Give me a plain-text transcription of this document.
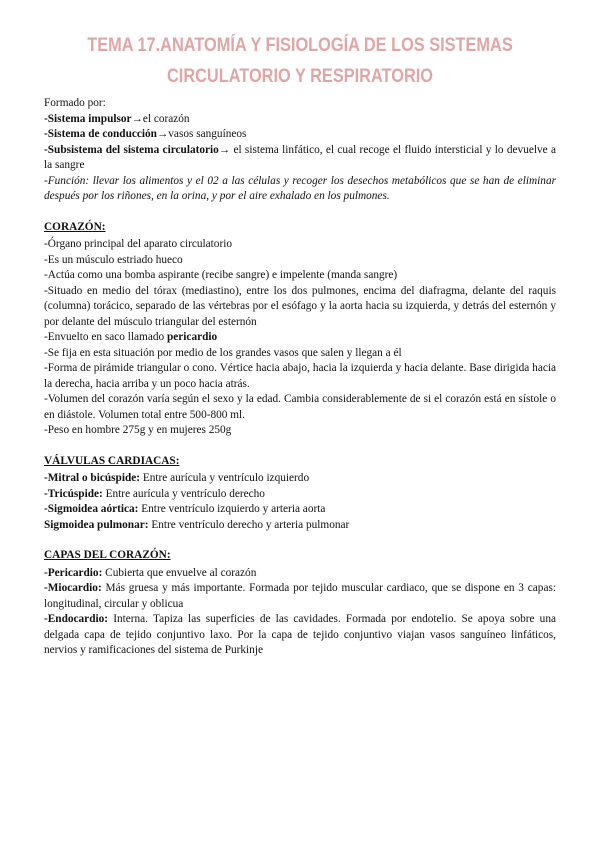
TEMA 17.ANATOMÍA Y FISIOLOGÍA DE LOS SISTEMAS
CIRCULATORIO Y RESPIRATORIO

Formado por:

-Sistema impulsor→el corazón

-Sistema de conducción→vasos sanguíneos

-Subsistema del sistema circulatorio→ el sistema linfático, el cual recoge el fluido intersticial y lo devuelve a la sangre

-Función: llevar los alimentos y el 02 a las células y recoger los desechos metabólicos que se han de eliminar después por los riñones, en la orina, y por el aire exhalado en los pulmones.

CORAZÓN:

-Órgano principal del aparato circulatorio

-Es un músculo estriado hueco

-Actúa como una bomba aspirante (recibe sangre) e impelente (manda sangre)

-Situado en medio del tórax (mediastino), entre los dos pulmones, encima del diafragma, delante del raquis (columna) torácico, separado de las vértebras por el esófago y la aorta hacia su izquierda, y detrás del esternón y por delante del músculo triangular del esternón

-Envuelto en saco llamado pericardio

-Se fija en esta situación por medio de los grandes vasos que salen y llegan a él

-Forma de pirámide triangular o cono. Vértice hacia abajo, hacia la izquierda y hacia delante. Base dirigida hacia la derecha, hacia arriba y un poco hacia atrás.

-Volumen del corazón varía según el sexo y la edad. Cambia considerablemente de si el corazón está en sístole o en diástole. Volumen total entre 500-800 ml.

-Peso en hombre 275g y en mujeres 250g

VÁLVULAS CARDIACAS:

-Mitral o bicúspide: Entre aurícula y ventrículo izquierdo

-Tricúspide: Entre aurícula y ventrículo derecho

-Sigmoidea aórtica: Entre ventrículo izquierdo y arteria aorta

Sigmoidea pulmonar: Entre ventrículo derecho y arteria pulmonar

CAPAS DEL CORAZÓN:

-Pericardio: Cubierta que envuelve al corazón

-Miocardio: Más gruesa y más importante. Formada por tejido muscular cardiaco, que se dispone en 3 capas: longitudinal, circular y oblicua

-Endocardio: Interna. Tapiza las superficies de las cavidades. Formada por endotelio. Se apoya sobre una delgada capa de tejido conjuntivo laxo. Por la capa de tejido conjuntivo viajan vasos sanguíneo linfáticos, nervios y ramificaciones del sistema de Purkinje
